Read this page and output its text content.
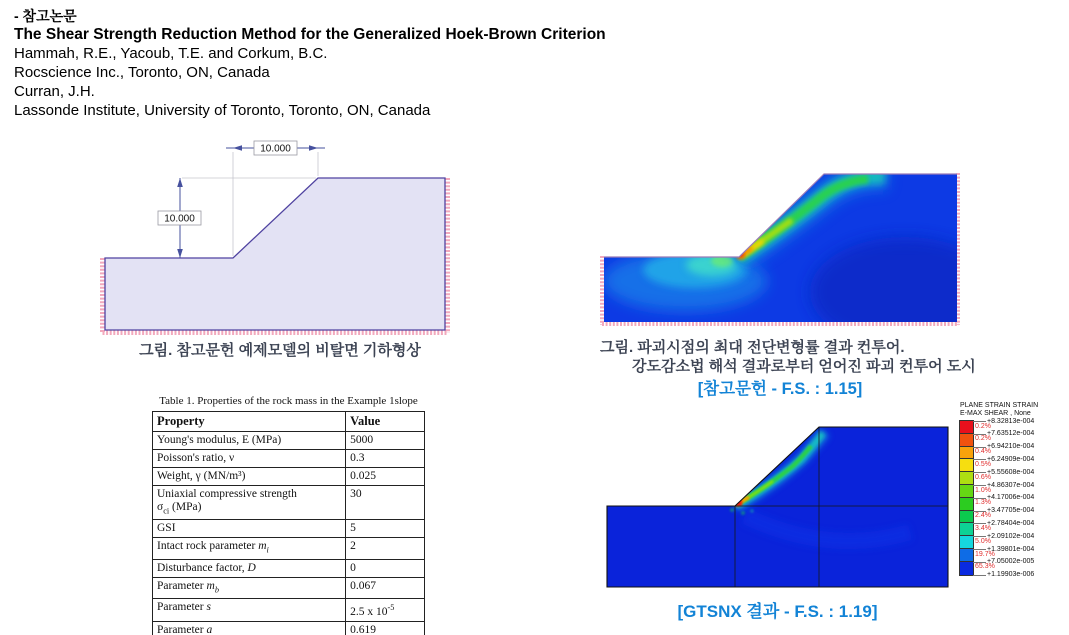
- 참고논문
The Shear Strength Reduction Method for the Generalized Hoek-Brown Criterion
Hammah, R.E., Yacoub, T.E. and Corkum, B.C.
Rocscience Inc., Toronto, ON, Canada
Curran, J.H.
Lassonde Institute, University of Toronto, Toronto, ON, Canada
10.000
10.000
그림. 참고문헌 예제모델의 비탈면 기하형상
Table 1. Properties of the rock mass in the Example 1slope
Property	Value
Young's modulus, E (MPa)	5000
Poisson's ratio, ν	0.3
Weight, γ (MN/m³)	0.025
Uniaxial compressive strength
$\sigma_{ci}$ (MPa)	30
GSI	5
Intact rock parameter $m_i$	2
Disturbance factor, D	0
Parameter $m_b$	0.067
Parameter s	2.5 x $10^{-5}$
Parameter a	0.619
그림. 파괴시점의 최대 전단변형률 결과 컨투어.
강도감소법 해석 결과로부터 얻어진 파괴 컨투어 도시
[참고문헌 - F.S. : 1.15]
[GTSNX 결과 - F.S. : 1.19]
PLANE STRAIN STRAIN
E-MAX SHEAR , None
+8.32813e-004
+7.63512e-004
+6.94210e-004
+6.24909e-004
+5.55608e-004
+4.86307e-004
+4.17006e-004
+3.47705e-004
+2.78404e-004
+2.09102e-004
+1.39801e-004
+7.05002e-005
+1.19903e-006
0.2%
0.2%
0.4%
0.5%
0.6%
1.0%
1.3%
2.4%
3.4%
5.0%
19.7%
65.3%
